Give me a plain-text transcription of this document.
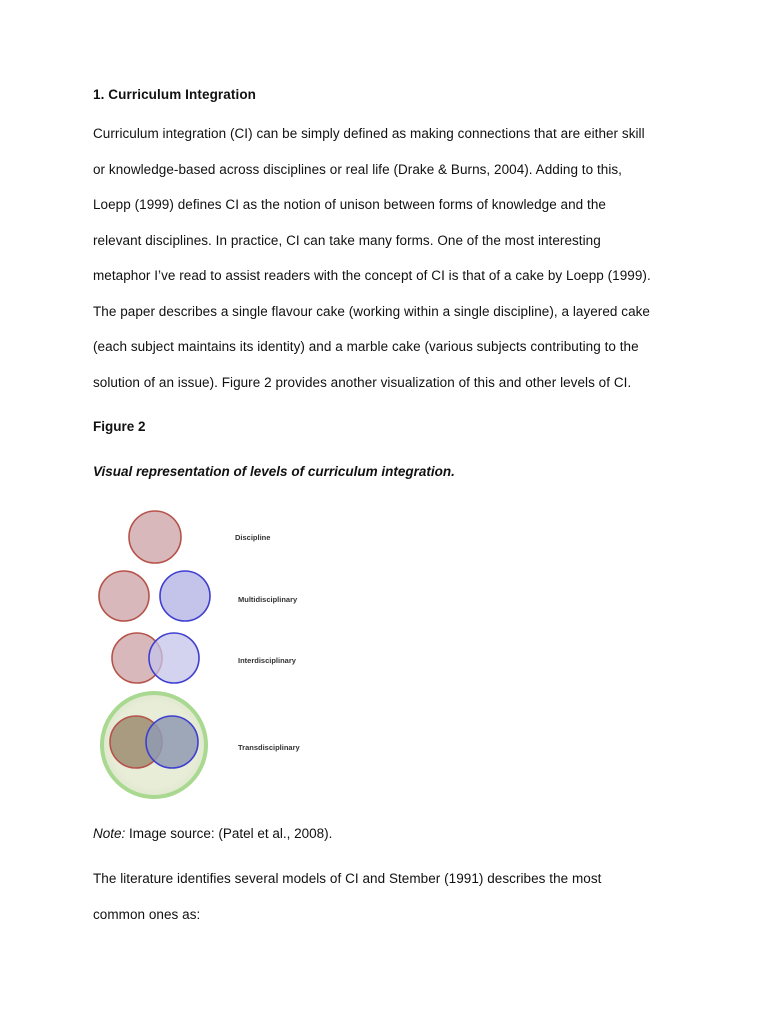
1. Curriculum Integration
Curriculum integration (CI) can be simply defined as making connections that are either skill
or knowledge-based across disciplines or real life (Drake & Burns, 2004). Adding to this,
Loepp (1999) defines CI as the notion of unison between forms of knowledge and the
relevant disciplines. In practice, CI can take many forms. One of the most interesting
metaphor I’ve read to assist readers with the concept of CI is that of a cake by Loepp (1999).
The paper describes a single flavour cake (working within a single discipline), a layered cake
(each subject maintains its identity) and a marble cake (various subjects contributing to the
solution of an issue). Figure 2 provides another visualization of this and other levels of CI.
Figure 2
Visual representation of levels of curriculum integration.
Discipline
Multidisciplinary
Interdisciplinary
Transdisciplinary
Note: Image source: (Patel et al., 2008).
The literature identifies several models of CI and Stember (1991) describes the most
common ones as:
